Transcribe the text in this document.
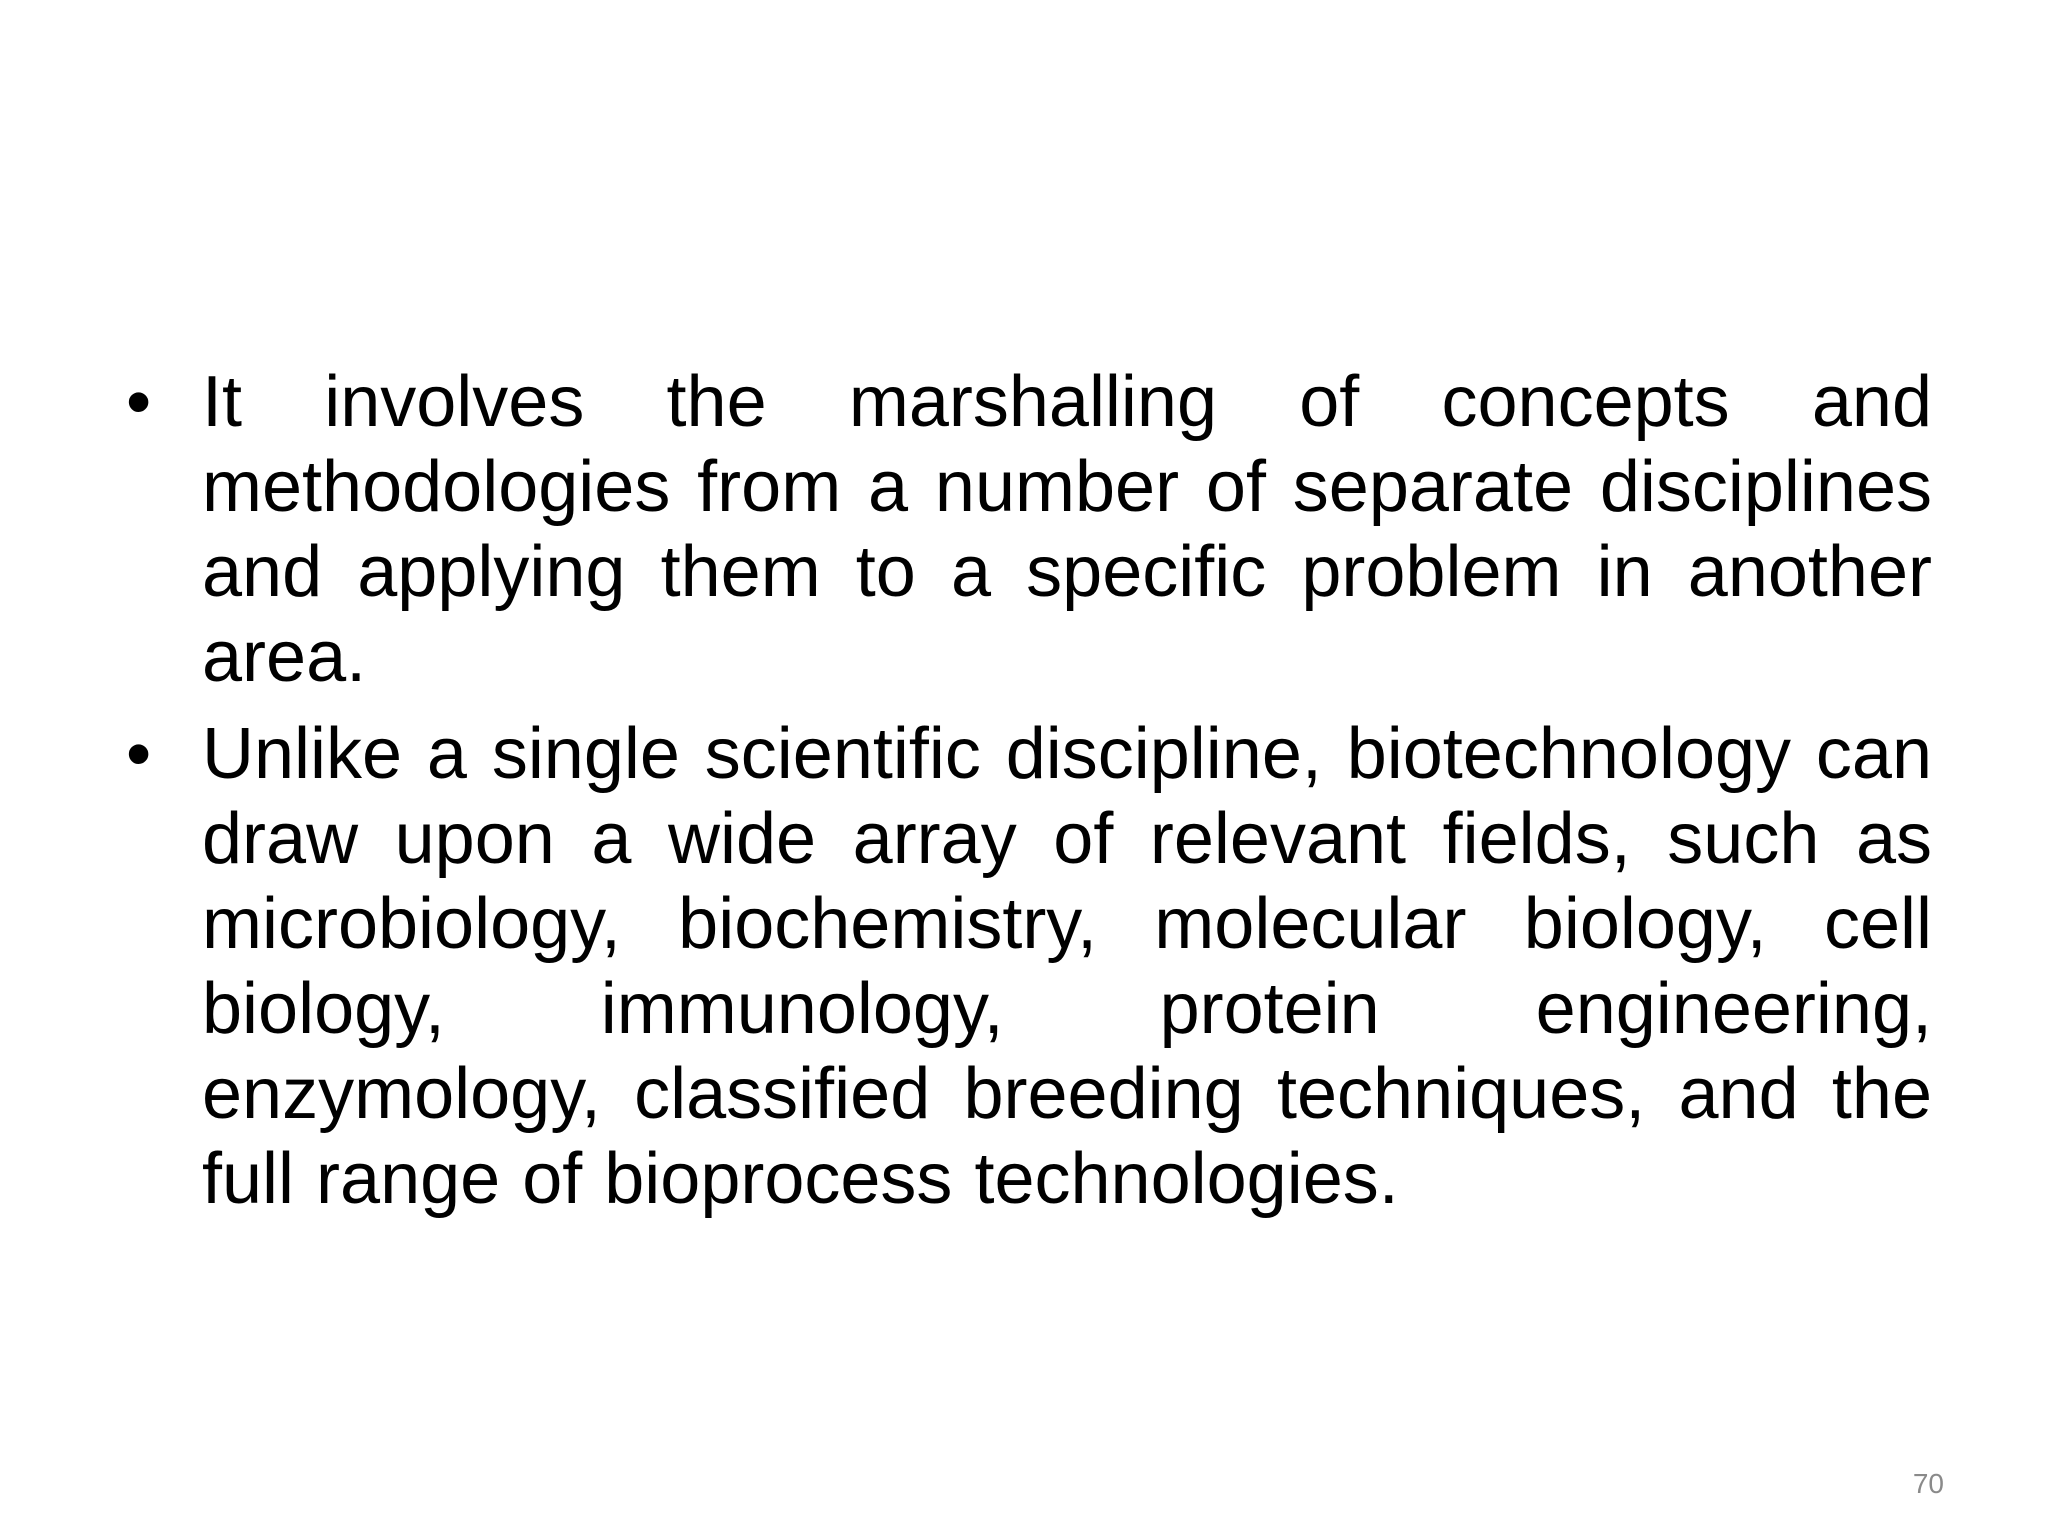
• It involves the marshalling of concepts and methodologies from a number of separate disciplines and applying them to a specific problem in another area.
• Unlike a single scientific discipline, biotechnology can draw upon a wide array of relevant fields, such as microbiology, biochemistry, molecular biology, cell biology, immunology, protein engineering, enzymology, classified breeding techniques, and the full range of bioprocess technologies.
70
